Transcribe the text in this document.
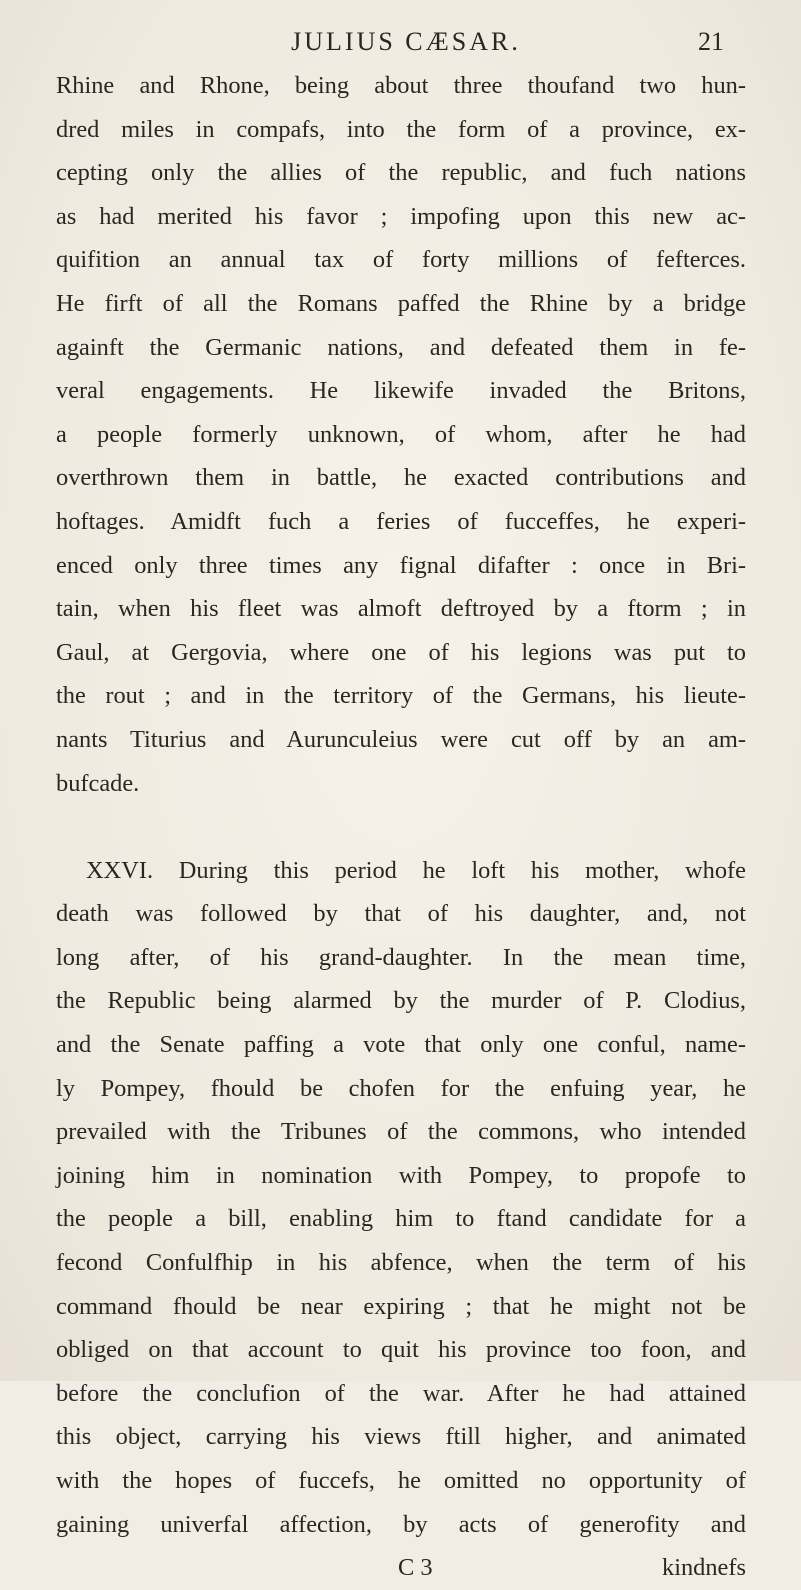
JULIUS CÆSAR.	21
Rhine and Rhone, being about three thoufand two hun-
dred miles in compafs, into the form of a province, ex-
cepting only the allies of the republic, and fuch nations
as had merited his favor ; impofing upon this new ac-
quifition an annual tax of forty millions of fefterces.
He firft of all the Romans paffed the Rhine by a bridge
againft the Germanic nations, and defeated them in fe-
veral engagements. He likewife invaded the Britons,
a people formerly unknown, of whom, after he had
overthrown them in battle, he exacted contributions and
hoftages. Amidft fuch a feries of fucceffes, he experi-
enced only three times any fignal difafter : once in Bri-
tain, when his fleet was almoft deftroyed by a ftorm ; in
Gaul, at Gergovia, where one of his legions was put to
the rout ; and in the territory of the Germans, his lieute-
nants Titurius and Aurunculeius were cut off by an am-
bufcade.
XXVI. During this period he loft his mother, whofe
death was followed by that of his daughter, and, not
long after, of his grand-daughter. In the mean time,
the Republic being alarmed by the murder of P. Clodius,
and the Senate paffing a vote that only one conful, name-
ly Pompey, fhould be chofen for the enfuing year, he
prevailed with the Tribunes of the commons, who intended
joining him in nomination with Pompey, to propofe to
the people a bill, enabling him to ftand candidate for a
fecond Confulfhip in his abfence, when the term of his
command fhould be near expiring ; that he might not be
obliged on that account to quit his province too foon, and
before the conclufion of the war. After he had attained
this object, carrying his views ftill higher, and animated
with the hopes of fuccefs, he omitted no opportunity of
gaining univerfal affection, by acts of generofity and
C 3	kindnefs
